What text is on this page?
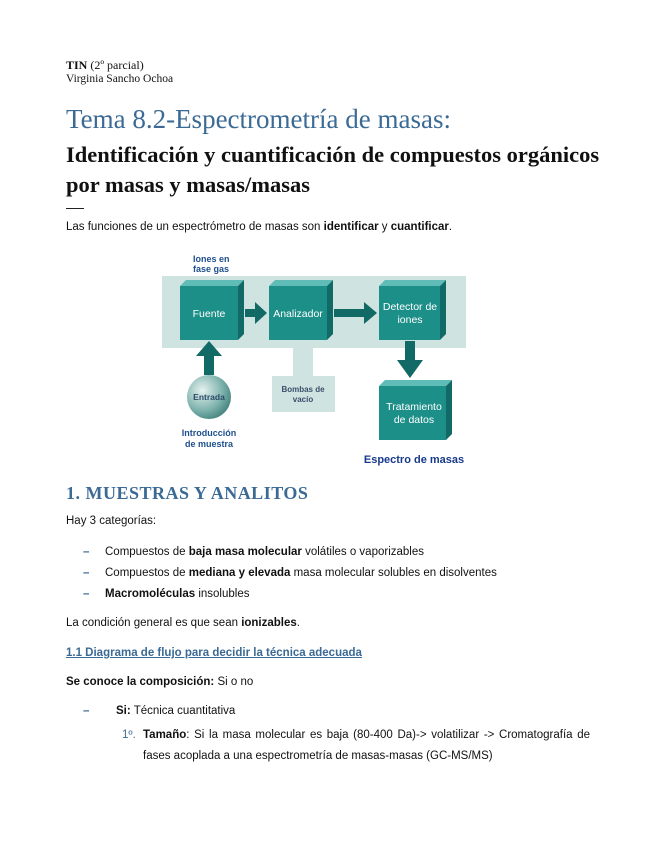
TIN (2º parcial)
Virginia Sancho Ochoa
Tema 8.2-Espectrometría de masas:
Identificación y cuantificación de compuestos orgánicos por masas y masas/masas
Las funciones de un espectrómetro de masas son identificar y cuantificar.
Iones en fase gas
Fuente	Analizador
Detector de iones
Tratamiento de datos
Entrada
Bombas de vacío
Introducción de muestra
Espectro de masas
1. MUESTRAS Y ANALITOS
Hay 3 categorías:
– Compuestos de baja masa molecular volátiles o vaporizables
– Compuestos de mediana y elevada masa molecular solubles en disolventes
– Macromoléculas insolubles
La condición general es que sean ionizables.
1.1 Diagrama de flujo para decidir la técnica adecuada
Se conoce la composición: Si o no
– Si: Técnica cuantitativa
1º. Tamaño: Si la masa molecular es baja (80-400 Da)-> volatilizar -> Cromatografía de fases acoplada a una espectrometría de masas-masas (GC-MS/MS)
